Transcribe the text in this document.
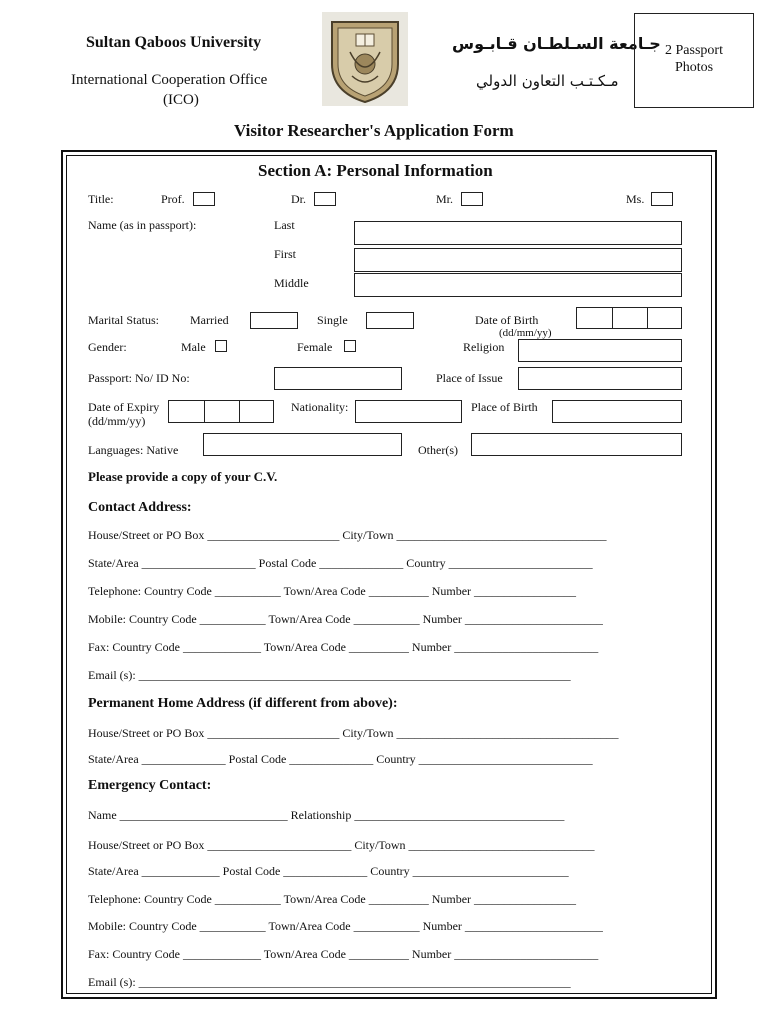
Sultan Qaboos University
International Cooperation Office
(ICO)
جـامعة السـلطـان قـابـوس
مـكـتـب التعاون الدولي
2 Passport
Photos
Visitor Researcher's Application Form
Section A: Personal Information
Title:	Prof.	Dr.	Mr.	Ms.
Name (as in passport):	Last
First
Middle
Marital Status:	Married	Single	Date of Birth
(dd/mm/yy)
Gender:	Male	Female	Religion
Passport: No/ ID No:	Place of Issue
Date of Expiry
(dd/mm/yy)
Nationality:	Place of Birth
Languages: Native	Other(s)
Please provide a copy of your C.V.
Contact Address:
House/Street or PO Box ______________________ City/Town ___________________________________
State/Area ___________________ Postal Code ______________ Country ________________________
Telephone: Country Code ___________ Town/Area Code __________ Number _________________
Mobile: Country Code ___________ Town/Area Code ___________ Number _______________________
Fax: Country Code _____________ Town/Area Code __________ Number ________________________
Email (s): ________________________________________________________________________
Permanent Home Address (if different from above):
House/Street or PO Box ______________________ City/Town _____________________________________
State/Area ______________ Postal Code ______________ Country _____________________________
Emergency Contact:
Name ____________________________ Relationship ___________________________________
House/Street or PO Box ________________________ City/Town _______________________________
State/Area _____________ Postal Code ______________ Country __________________________
Telephone: Country Code ___________ Town/Area Code __________ Number _________________
Mobile: Country Code ___________ Town/Area Code ___________ Number _______________________
Fax: Country Code _____________ Town/Area Code __________ Number ________________________
Email (s): ________________________________________________________________________
